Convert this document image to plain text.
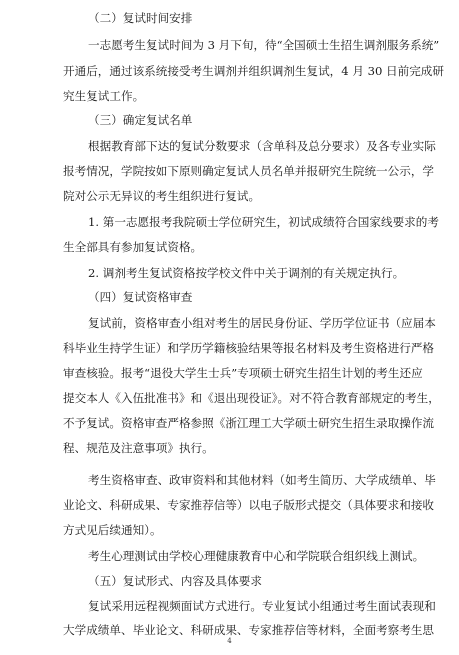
（二）复试时间安排
一志愿考生复试时间为 3 月下旬，待“全国硕士生招生调剂服务系统”
开通后，通过该系统接受考生调剂并组织调剂生复试，4 月 30 日前完成研
究生复试工作。
（三）确定复试名单
根据教育部下达的复试分数要求（含单科及总分要求）及各专业实际
报考情况，学院按如下原则确定复试人员名单并报研究生院统一公示，学
院对公示无异议的考生组织进行复试。
1. 第一志愿报考我院硕士学位研究生，初试成绩符合国家线要求的考
生全部具有参加复试资格。
2. 调剂考生复试资格按学校文件中关于调剂的有关规定执行。
（四）复试资格审查
复试前，资格审查小组对考生的居民身份证、学历学位证书（应届本
科毕业生持学生证）和学历学籍核验结果等报名材料及考生资格进行严格
审查核验。报考“退役大学生士兵”专项硕士研究生招生计划的考生还应
提交本人《入伍批准书》和《退出现役证》。对不符合教育部规定的考生，
不予复试。资格审查严格参照《浙江理工大学硕士研究生招生录取操作流
程、规范及注意事项》执行。
考生资格审查、政审资料和其他材料（如考生简历、大学成绩单、毕
业论文、科研成果、专家推荐信等）以电子版形式提交（具体要求和接收
方式见后续通知）。
考生心理测试由学校心理健康教育中心和学院联合组织线上测试。
（五）复试形式、内容及具体要求
复试采用远程视频面试方式进行。专业复试小组通过考生面试表现和
大学成绩单、毕业论文、科研成果、专家推荐信等材料，全面考察考生思
4
